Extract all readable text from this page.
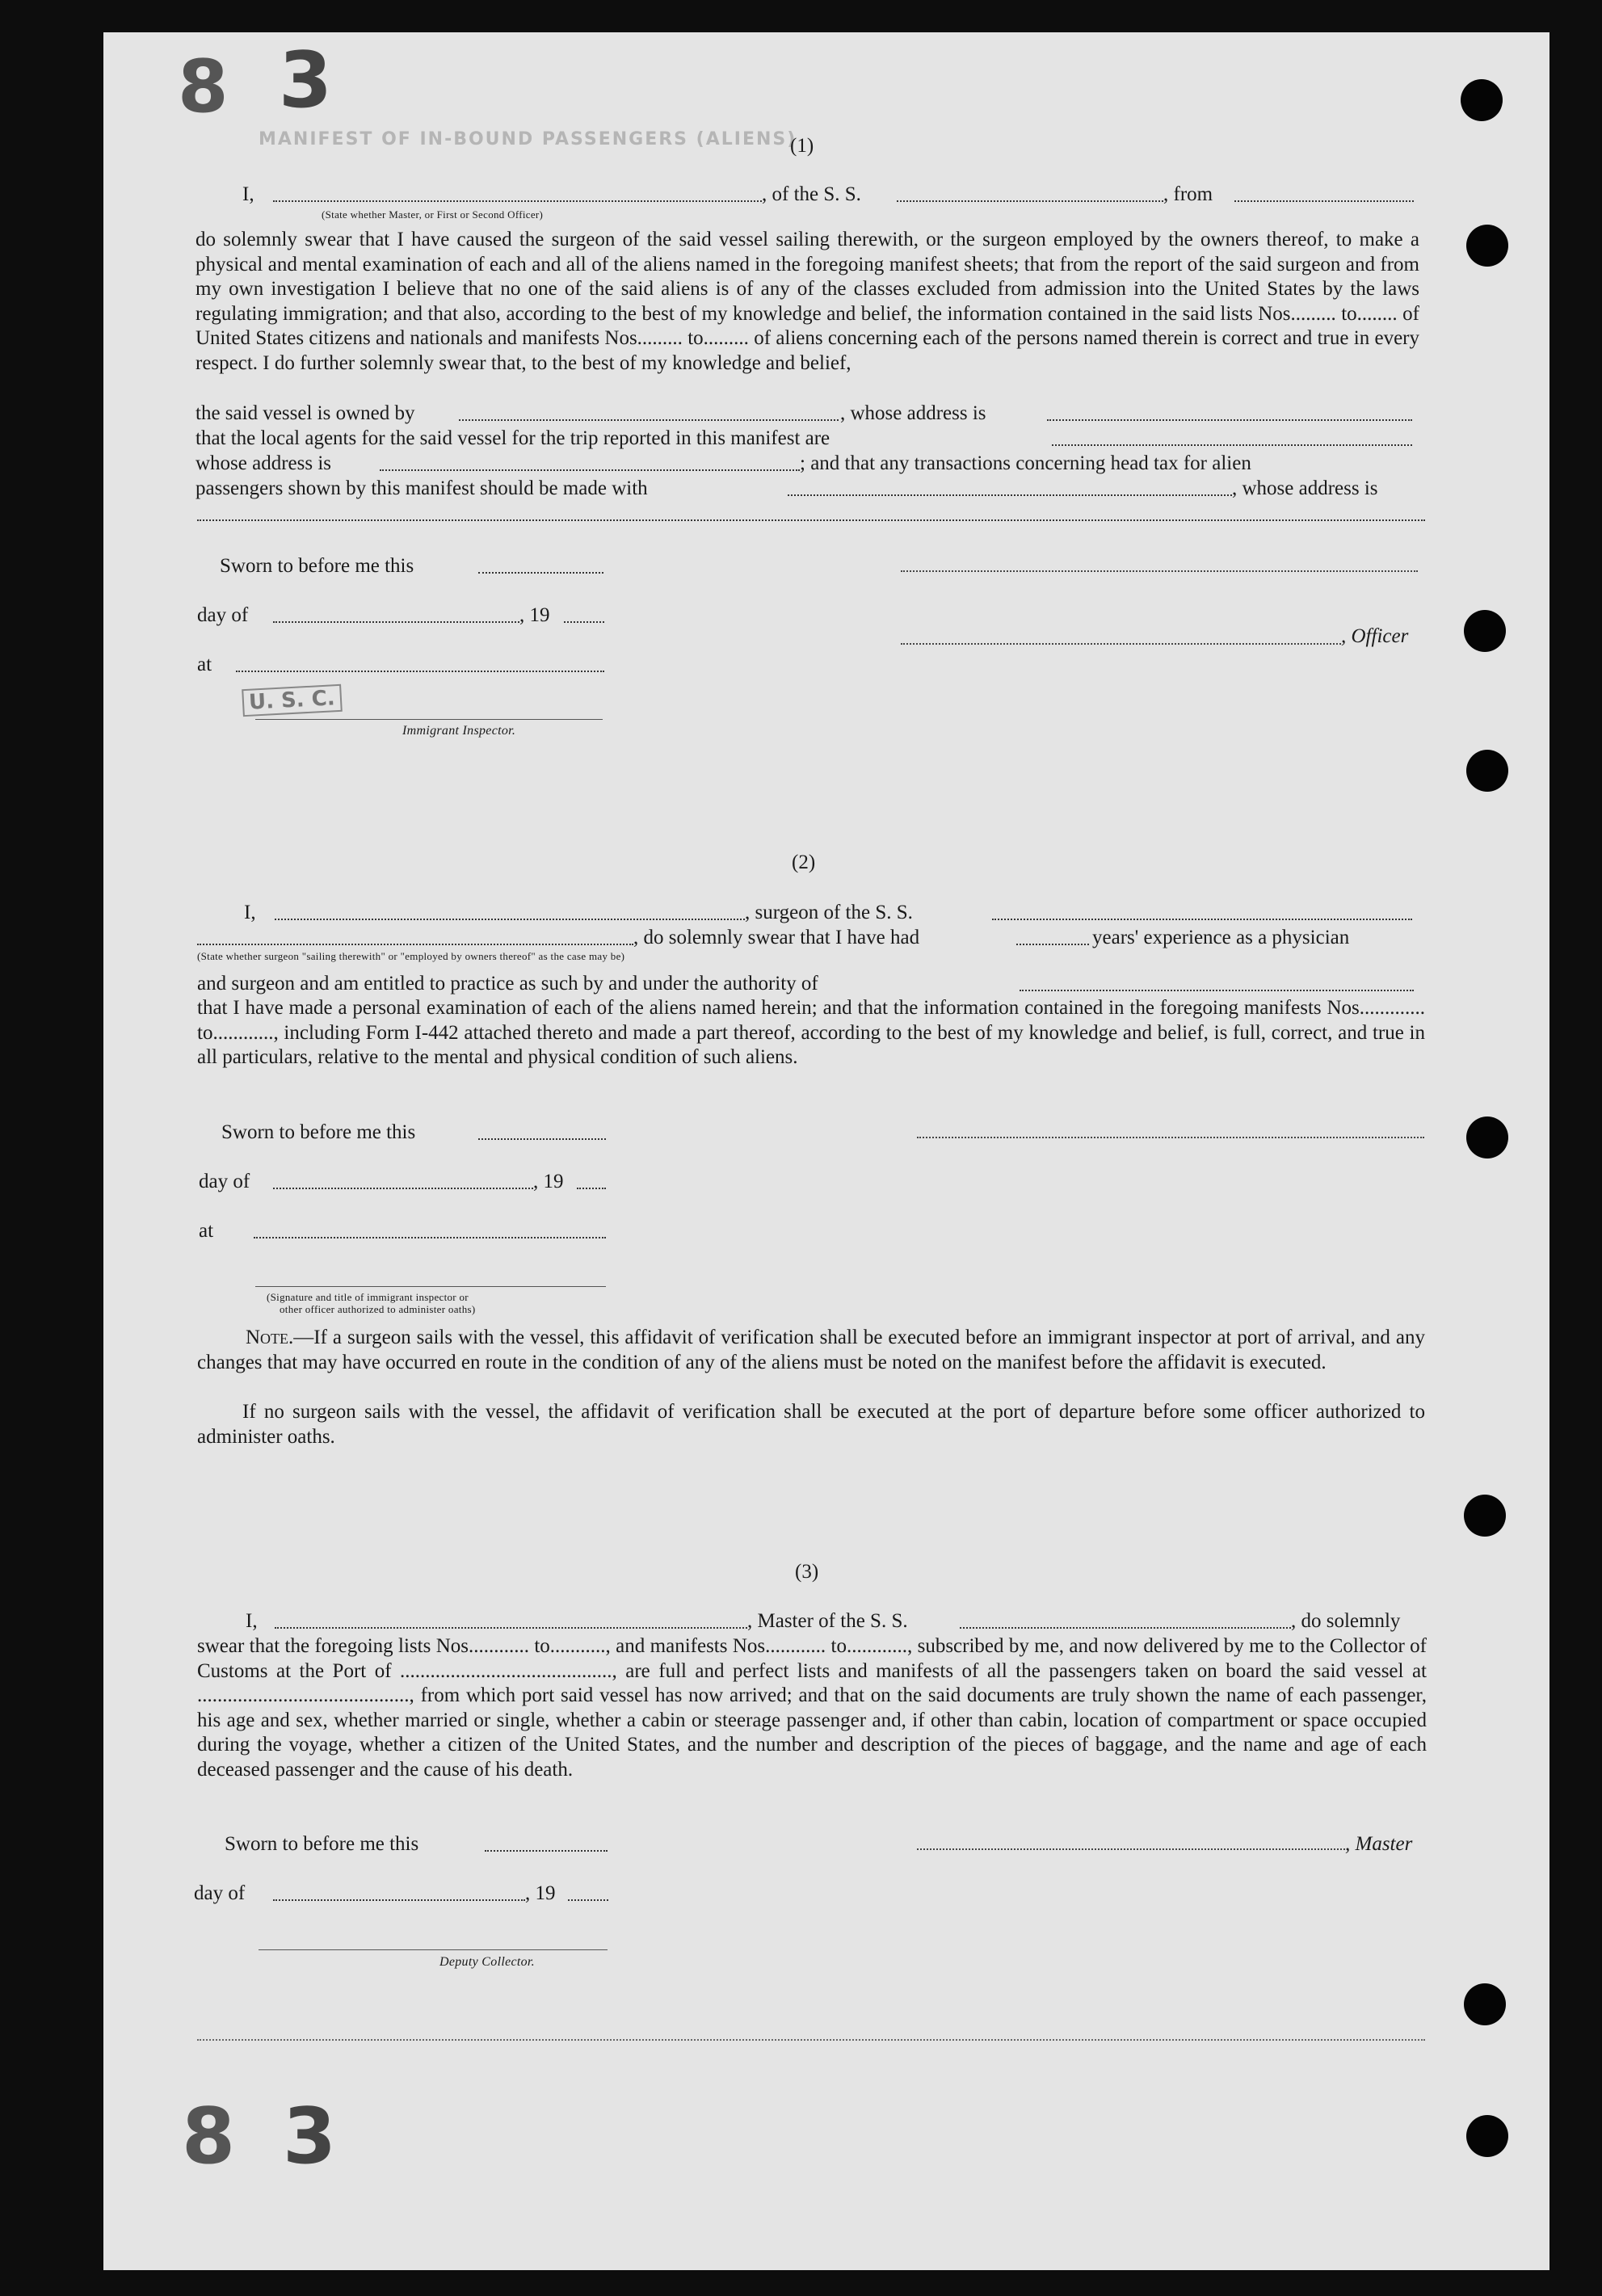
8 3
8 3
MANIFEST OF IN-BOUND PASSENGERS (ALIENS)
(1)
I,	, of the S. S.	, from
(State whether Master, or First or Second Officer)
do solemnly swear that I have caused the surgeon of the said vessel sailing therewith, or the surgeon employed by the owners thereof, to make a physical and mental examination of each and all of the aliens named in the foregoing manifest sheets; that from the report of the said surgeon and from my own investigation I believe that no one of the said aliens is of any of the classes excluded from admission into the United States by the laws regulating immigration; and that also, according to the best of my knowledge and belief, the information contained in the said lists Nos......... to........ of United States citizens and nationals and manifests Nos......... to......... of aliens concerning each of the persons named therein is correct and true in every respect. I do further solemnly swear that, to the best of my knowledge and belief,
the said vessel is owned by	, whose address is
that the local agents for the said vessel for the trip reported in this manifest are
whose address is	; and that any transactions concerning head tax for alien
passengers shown by this manifest should be made with	, whose address is
Sworn to before me this
day of	, 19
, Officer
at
U. S. C.
Immigrant Inspector.
(2)
I,	, surgeon of the S. S.
, do solemnly swear that I have had	years' experience as a physician
(State whether surgeon "sailing therewith" or "employed by owners thereof" as the case may be)
and surgeon and am entitled to practice as such by and under the authority of
that I have made a personal examination of each of the aliens named herein; and that the information contained in the foregoing manifests Nos............. to............, including Form I-442 attached thereto and made a part thereof, according to the best of my knowledge and belief, is full, correct, and true in all particulars, relative to the mental and physical condition of such aliens.
Sworn to before me this
day of	, 19
at
(Signature and title of immigrant inspector or
other officer authorized to administer oaths)
Note.—If a surgeon sails with the vessel, this affidavit of verification shall be executed before an immigrant inspector at port of arrival, and any changes that may have occurred en route in the condition of any of the aliens must be noted on the manifest before the affidavit is executed.
If no surgeon sails with the vessel, the affidavit of verification shall be executed at the port of departure before some officer authorized to administer oaths.
(3)
I,	, Master of the S. S.	, do solemnly
swear that the foregoing lists Nos............ to..........., and manifests Nos............ to............, subscribed by me, and now delivered by me to the Collector of Customs at the Port of .........................................., are full and perfect lists and manifests of all the passengers taken on board the said vessel at .........................................., from which port said vessel has now arrived; and that on the said documents are truly shown the name of each passenger, his age and sex, whether married or single, whether a cabin or steerage passenger and, if other than cabin, location of compartment or space occupied during the voyage, whether a citizen of the United States, and the number and description of the pieces of baggage, and the name and age of each deceased passenger and the cause of his death.
Sworn to before me this	, Master
day of	, 19
Deputy Collector.
